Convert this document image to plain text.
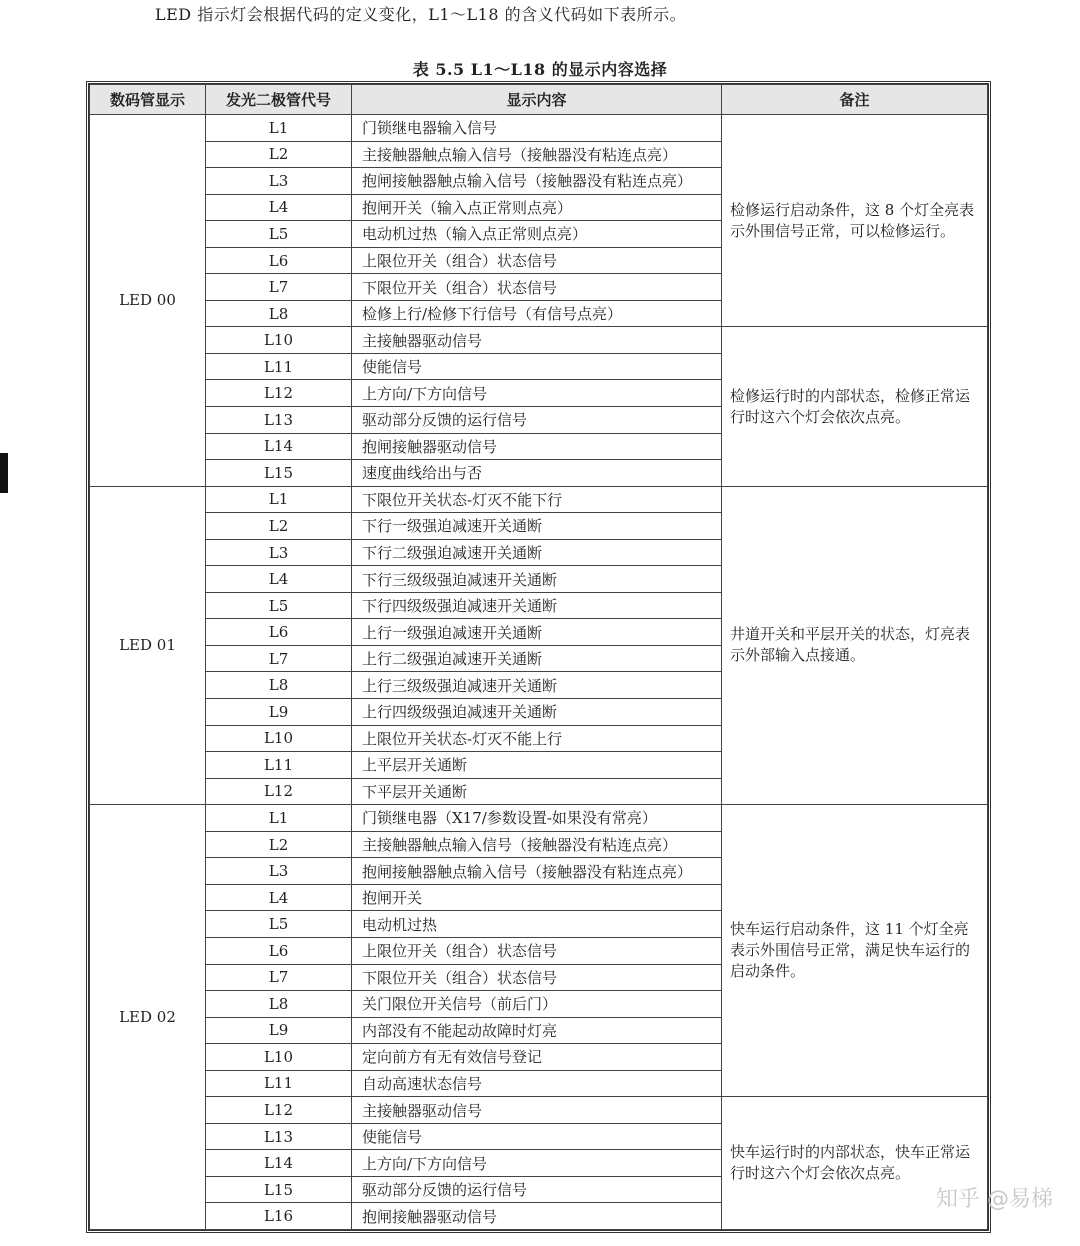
LED 指示灯会根据代码的定义变化，L1～L18 的含义代码如下表所示。
表 5.5 L1～L18 的显示内容选择
数码管显示	发光二极管代号	显示内容	备注
LED 00	L1	门锁继电器输入信号	检修运行启动条件，这 8 个灯全亮表示外围信号正常，可以检修运行。
	L2	主接触器触点输入信号（接触器没有粘连点亮）	
	L3	抱闸接触器触点输入信号（接触器没有粘连点亮）	
	L4	抱闸开关（输入点正常则点亮）	
	L5	电动机过热（输入点正常则点亮）	
	L6	上限位开关（组合）状态信号	
	L7	下限位开关（组合）状态信号	
	L8	检修上行/检修下行信号（有信号点亮）	
	L10	主接触器驱动信号	检修运行时的内部状态，检修正常运行时这六个灯会依次点亮。
	L11	使能信号	
	L12	上方向/下方向信号	
	L13	驱动部分反馈的运行信号	
	L14	抱闸接触器驱动信号	
	L15	速度曲线给出与否	
LED 01	L1	下限位开关状态-灯灭不能下行	井道开关和平层开关的状态，灯亮表示外部输入点接通。
	L2	下行一级强迫减速开关通断	
	L3	下行二级强迫减速开关通断	
	L4	下行三级级强迫减速开关通断	
	L5	下行四级级强迫减速开关通断	
	L6	上行一级强迫减速开关通断	
	L7	上行二级强迫减速开关通断	
	L8	上行三级级强迫减速开关通断	
	L9	上行四级级强迫减速开关通断	
	L10	上限位开关状态-灯灭不能上行	
	L11	上平层开关通断	
	L12	下平层开关通断	
LED 02	L1	门锁继电器（X17/参数设置-如果没有常亮）	快车运行启动条件，这 11 个灯全亮表示外围信号正常，满足快车运行的启动条件。
	L2	主接触器触点输入信号（接触器没有粘连点亮）	
	L3	抱闸接触器触点输入信号（接触器没有粘连点亮）	
	L4	抱闸开关	
	L5	电动机过热	
	L6	上限位开关（组合）状态信号	
	L7	下限位开关（组合）状态信号	
	L8	关门限位开关信号（前后门）	
	L9	内部没有不能起动故障时灯亮	
	L10	定向前方有无有效信号登记	
	L11	自动高速状态信号	
	L12	主接触器驱动信号	快车运行时的内部状态，快车正常运行时这六个灯会依次点亮。
	L13	使能信号	
	L14	上方向/下方向信号	
	L15	驱动部分反馈的运行信号	
	L16	抱闸接触器驱动信号	
知乎 @易梯
